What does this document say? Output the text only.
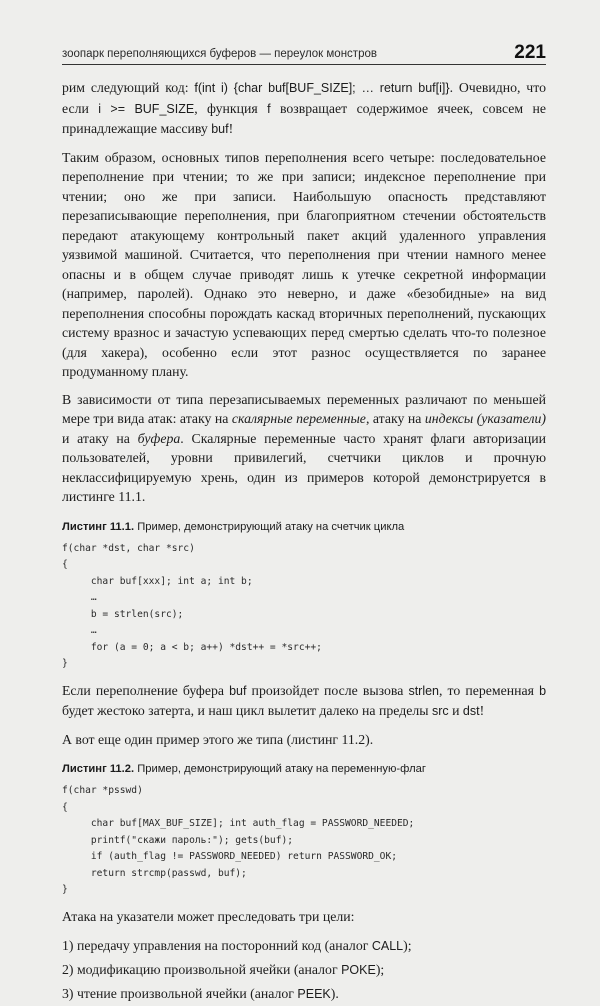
зоопарк переполняющихся буферов — переулок монстров	221

рим следующий код: f(int i) {char buf[BUF_SIZE]; … return buf[i]}. Очевидно, что если i >= BUF_SIZE, функция f возвращает содержимое ячеек, совсем не принадлежащие массиву buf!

Таким образом, основных типов переполнения всего четыре: последовательное переполнение при чтении; то же при записи; индексное переполнение при чтении; оно же при записи. Наибольшую опасность представляют перезаписывающие переполнения, при благоприятном стечении обстоятельств передают атакующему контрольный пакет акций удаленного управления уязвимой машиной. Считается, что переполнения при чтении намного менее опасны и в общем случае приводят лишь к утечке секретной информации (например, паролей). Однако это неверно, и даже «безобидные» на вид переполнения способны порождать каскад вторичных переполнений, пускающих систему вразнос и зачастую успевающих перед смертью сделать что-то полезное (для хакера), особенно если этот разнос осуществляется по заранее продуманному плану.

В зависимости от типа перезаписываемых переменных различают по меньшей мере три вида атак: атаку на скалярные переменные, атаку на индексы (указатели) и атаку на буфера. Скалярные переменные часто хранят флаги авторизации пользователей, уровни привилегий, счетчики циклов и прочную неклассифицируемую хрень, один из примеров которой демонстрируется в листинге 11.1.

Листинг 11.1. Пример, демонстрирующий атаку на счетчик цикла
f(char *dst, char *src)
{
char buf[xxx]; int a; int b;
…
b = strlen(src);
…
for (a = 0; a < b; a++) *dst++ = *src++;
}

Если переполнение буфера buf произойдет после вызова strlen, то переменная b будет жестоко затерта, и наш цикл вылетит далеко на пределы src и dst!

А вот еще один пример этого же типа (листинг 11.2).

Листинг 11.2. Пример, демонстрирующий атаку на переменную-флаг
f(char *psswd)
{
char buf[MAX_BUF_SIZE]; int auth_flag = PASSWORD_NEEDED;
printf("скажи пароль:"); gets(buf);
if (auth_flag != PASSWORD_NEEDED) return PASSWORD_OK;
return strcmp(passwd, buf);
}

Атака на указатели может преследовать три цели:

1) передачу управления на посторонний код (аналог CALL);
2) модификацию произвольной ячейки (аналог POKE);
3) чтение произвольной ячейки (аналог PEEK).
